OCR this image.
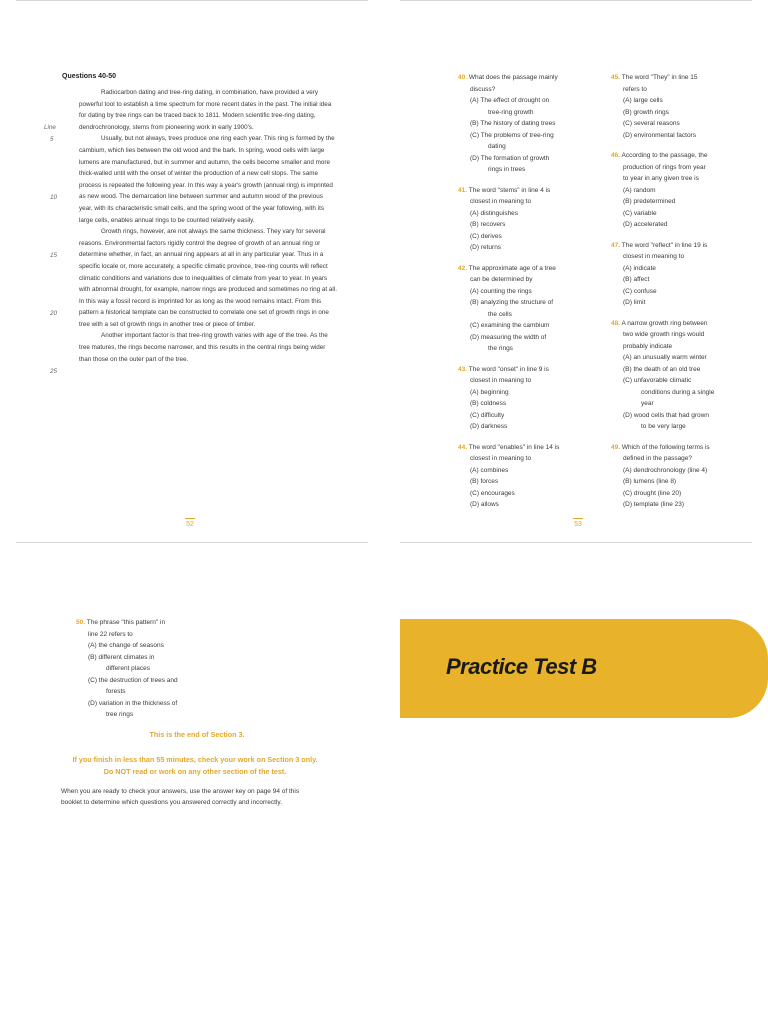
Questions 40-50
Line
5
10
15
20
25
Radiocarbon dating and tree-ring dating, in combination, have provided a very powerful tool to establish a time spectrum for more recent dates in the past. The initial idea for dating by tree rings can be traced back to 1811. Modern scientific tree-ring dating, dendrochronology, stems from pioneering work in early 1900's.
Usually, but not always, trees produce one ring each year. This ring is formed by the cambium, which lies between the old wood and the bark. In spring, wood cells with large lumens are manufactured, but in summer and autumn, the cells become smaller and more thick-walled until with the onset of winter the production of a new cell stops. The same process is repeated the following year. In this way a year's growth (annual ring) is imprinted as new wood. The demarcation line between summer and autumn wood of the previous year, with its characteristic small cells, and the spring wood of the year following, with its large cells, enables annual rings to be counted relatively easily.
Growth rings, however, are not always the same thickness. They vary for several reasons. Environmental factors rigidly control the degree of growth of an annual ring or determine whether, in fact, an annual ring appears at all in any particular year. Thus in a specific locale or, more accurately, a specific climatic province, tree-ring counts will reflect climatic conditions and variations due to inequalities of climate from year to year. In years with abnormal drought, for example, narrow rings are produced and sometimes no ring at all. In this way a fossil record is imprinted for as long as the wood remains intact. From this pattern a historical template can be constructed to correlate one set of growth rings in one tree with a set of growth rings in another tree or piece of timber.
Another important factor is that tree-ring growth varies with age of the tree. As the tree matures, the rings become narrower, and this results in the central rings being wider than those on the outer part of the tree.
52
40. What does the passage mainly
discuss?
(A) The effect of drought on
tree-ring growth
(B) The history of dating trees
(C) The problems of tree-ring
dating
(D) The formation of growth
rings in trees
41. The word "stems" in line 4 is
closest in meaning to
(A) distinguishes
(B) recovers
(C) derives
(D) returns
42. The approximate age of a tree
can be determined by
(A) counting the rings
(B) analyzing the structure of
the cells
(C) examining the cambium
(D) measuring the width of
the rings
43. The word "onset" in line 9 is
closest in meaning to
(A) beginning
(B) coldness
(C) difficulty
(D) darkness
44. The word "enables" in line 14 is
closest in meaning to
(A) combines
(B) forces
(C) encourages
(D) allows
45. The word "They" in line 15
refers to
(A) large cells
(B) growth rings
(C) several reasons
(D) environmental factors
46. According to the passage, the
production of rings from year
to year in any given tree is
(A) random
(B) predetermined
(C) variable
(D) accelerated
47. The word "reflect" in line 19 is
closest in meaning to
(A) indicate
(B) affect
(C) confuse
(D) limit
48. A narrow growth ring between
two wide growth rings would
probably indicate
(A) an unusually warm winter
(B) the death of an old tree
(C) unfavorable climatic
conditions during a single
year
(D) wood cells that had grown
to be very large
49. Which of the following terms is
defined in the passage?
(A) dendrochronology (line 4)
(B) lumens (line 8)
(C) drought (line 20)
(D) template (line 23)
53
50. The phrase "this pattern" in
line 22 refers to
(A) the change of seasons
(B) different climates in
different places
(C) the destruction of trees and
forests
(D) variation in the thickness of
tree rings
This is the end of Section 3.
If you finish in less than 55 minutes, check your work on Section 3 only.
Do NOT read or work on any other section of the test.
When you are ready to check your answers, use the answer key on page 94 of this
booklet to determine which questions you answered correctly and incorrectly.
Practice Test B
